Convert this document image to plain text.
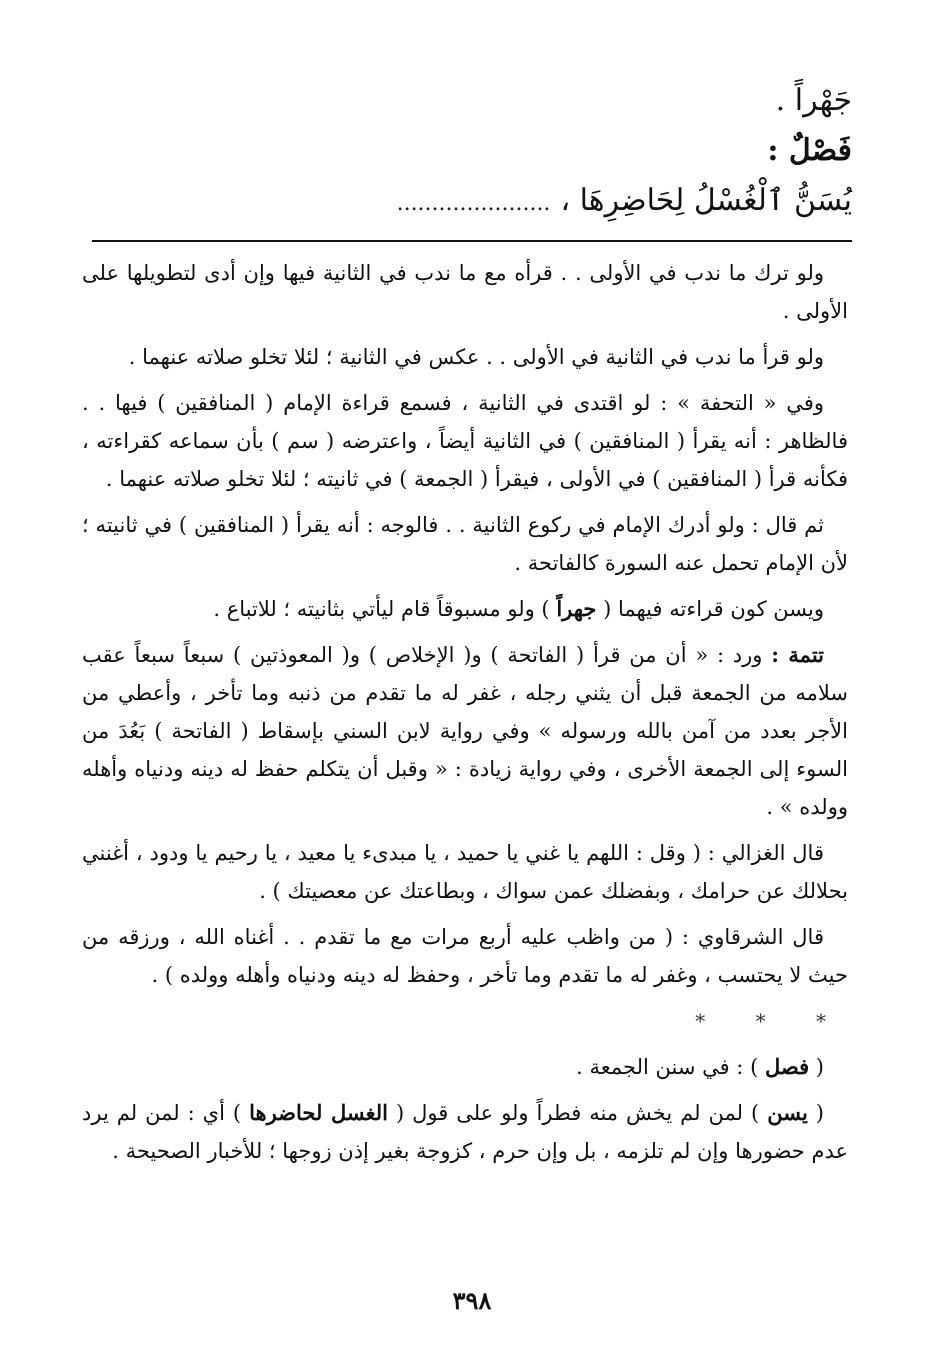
جَهْراً .
فَصْلٌ :
يُسَنُّ ٱلْغُسْلُ لِحَاضِرِهَا ،......................

ولو ترك ما ندب في الأولى . . قرأه مع ما ندب في الثانية فيها وإن أدى لتطويلها على الأولى .

ولو قرأ ما ندب في الثانية في الأولى . . عكس في الثانية ؛ لئلا تخلو صلاته عنهما .

وفي « التحفة » : لو اقتدى في الثانية ، فسمع قراءة الإمام ( المنافقين ) فيها . . فالظاهر : أنه يقرأ ( المنافقين ) في الثانية أيضاً ، واعترضه ( سم ) بأن سماعه كقراءته ، فكأنه قرأ ( المنافقين ) في الأولى ، فيقرأ ( الجمعة ) في ثانيته ؛ لئلا تخلو صلاته عنهما .

ثم قال : ولو أدرك الإمام في ركوع الثانية . . فالوجه : أنه يقرأ ( المنافقين ) في ثانيته ؛ لأن الإمام تحمل عنه السورة كالفاتحة .

ويسن كون قراءته فيهما ( جهراً ) ولو مسبوقاً قام ليأتي بثانيته ؛ للاتباع .

تتمة : ورد : « أن من قرأ ( الفاتحة ) و( الإخلاص ) و( المعوذتين ) سبعاً سبعاً عقب سلامه من الجمعة قبل أن يثني رجله ، غفر له ما تقدم من ذنبه وما تأخر ، وأعطي من الأجر بعدد من آمن بالله ورسوله » وفي رواية لابن السني بإسقاط ( الفاتحة ) بَعُدَ من السوء إلى الجمعة الأخرى ، وفي رواية زيادة : « وقبل أن يتكلم حفظ له دينه ودنياه وأهله وولده » .

قال الغزالي : ( وقل : اللهم يا غني يا حميد ، يا مبدىء يا معيد ، يا رحيم يا ودود ، أغنني بحلالك عن حرامك ، وبفضلك عمن سواك ، وبطاعتك عن معصيتك ) .

قال الشرقاوي : ( من واظب عليه أربع مرات مع ما تقدم . . أغناه الله ، ورزقه من حيث لا يحتسب ، وغفر له ما تقدم وما تأخر ، وحفظ له دينه ودنياه وأهله وولده ) .

* * *

( فصل ) : في سنن الجمعة .

( يسن ) لمن لم يخش منه فطراً ولو على قول ( الغسل لحاضرها ) أي : لمن لم يرد عدم حضورها وإن لم تلزمه ، بل وإن حرم ، كزوجة بغير إذن زوجها ؛ للأخبار الصحيحة .

٣٩٨
